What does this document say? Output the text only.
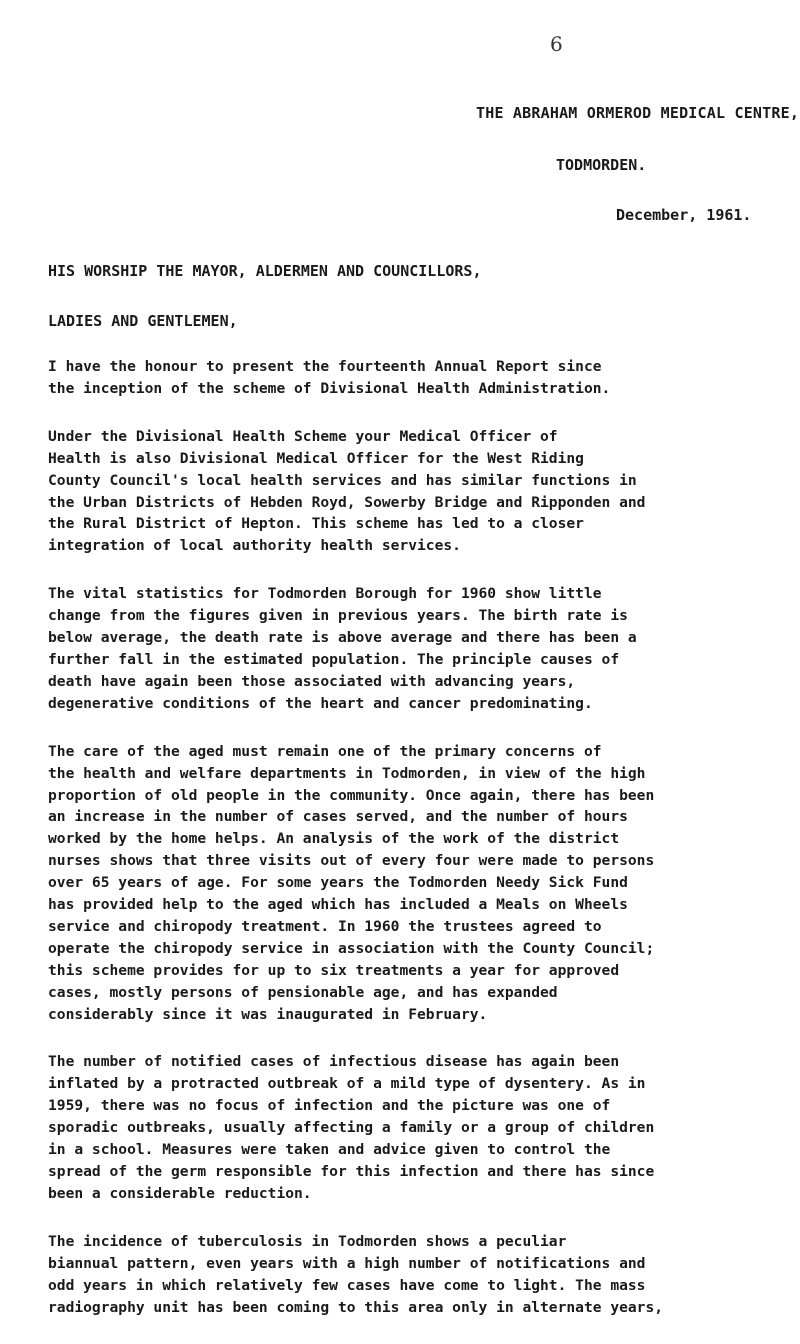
6
THE ABRAHAM ORMEROD MEDICAL CENTRE,
TODMORDEN.
December, 1961.
HIS WORSHIP THE MAYOR, ALDERMEN AND COUNCILLORS,
LADIES AND GENTLEMEN,

I have the honour to present the fourteenth Annual Report since
the inception of the scheme of Divisional Health Administration.

Under the Divisional Health Scheme your Medical Officer of
Health is also Divisional Medical Officer for the West Riding
County Council's local health services and has similar functions in
the Urban Districts of Hebden Royd, Sowerby Bridge and Ripponden and
the Rural District of Hepton. This scheme has led to a closer
integration of local authority health services.

The vital statistics for Todmorden Borough for 1960 show little
change from the figures given in previous years. The birth rate is
below average, the death rate is above average and there has been a
further fall in the estimated population. The principle causes of
death have again been those associated with advancing years,
degenerative conditions of the heart and cancer predominating.

The care of the aged must remain one of the primary concerns of
the health and welfare departments in Todmorden, in view of the high
proportion of old people in the community. Once again, there has been
an increase in the number of cases served, and the number of hours
worked by the home helps. An analysis of the work of the district
nurses shows that three visits out of every four were made to persons
over 65 years of age. For some years the Todmorden Needy Sick Fund
has provided help to the aged which has included a Meals on Wheels
service and chiropody treatment. In 1960 the trustees agreed to
operate the chiropody service in association with the County Council;
this scheme provides for up to six treatments a year for approved
cases, mostly persons of pensionable age, and has expanded
considerably since it was inaugurated in February.

The number of notified cases of infectious disease has again been
inflated by a protracted outbreak of a mild type of dysentery. As in
1959, there was no focus of infection and the picture was one of
sporadic outbreaks, usually affecting a family or a group of children
in a school. Measures were taken and advice given to control the
spread of the germ responsible for this infection and there has since
been a considerable reduction.

The incidence of tuberculosis in Todmorden shows a peculiar
biannual pattern, even years with a high number of notifications and
odd years in which relatively few cases have come to light. The mass
radiography unit has been coming to this area only in alternate years,
